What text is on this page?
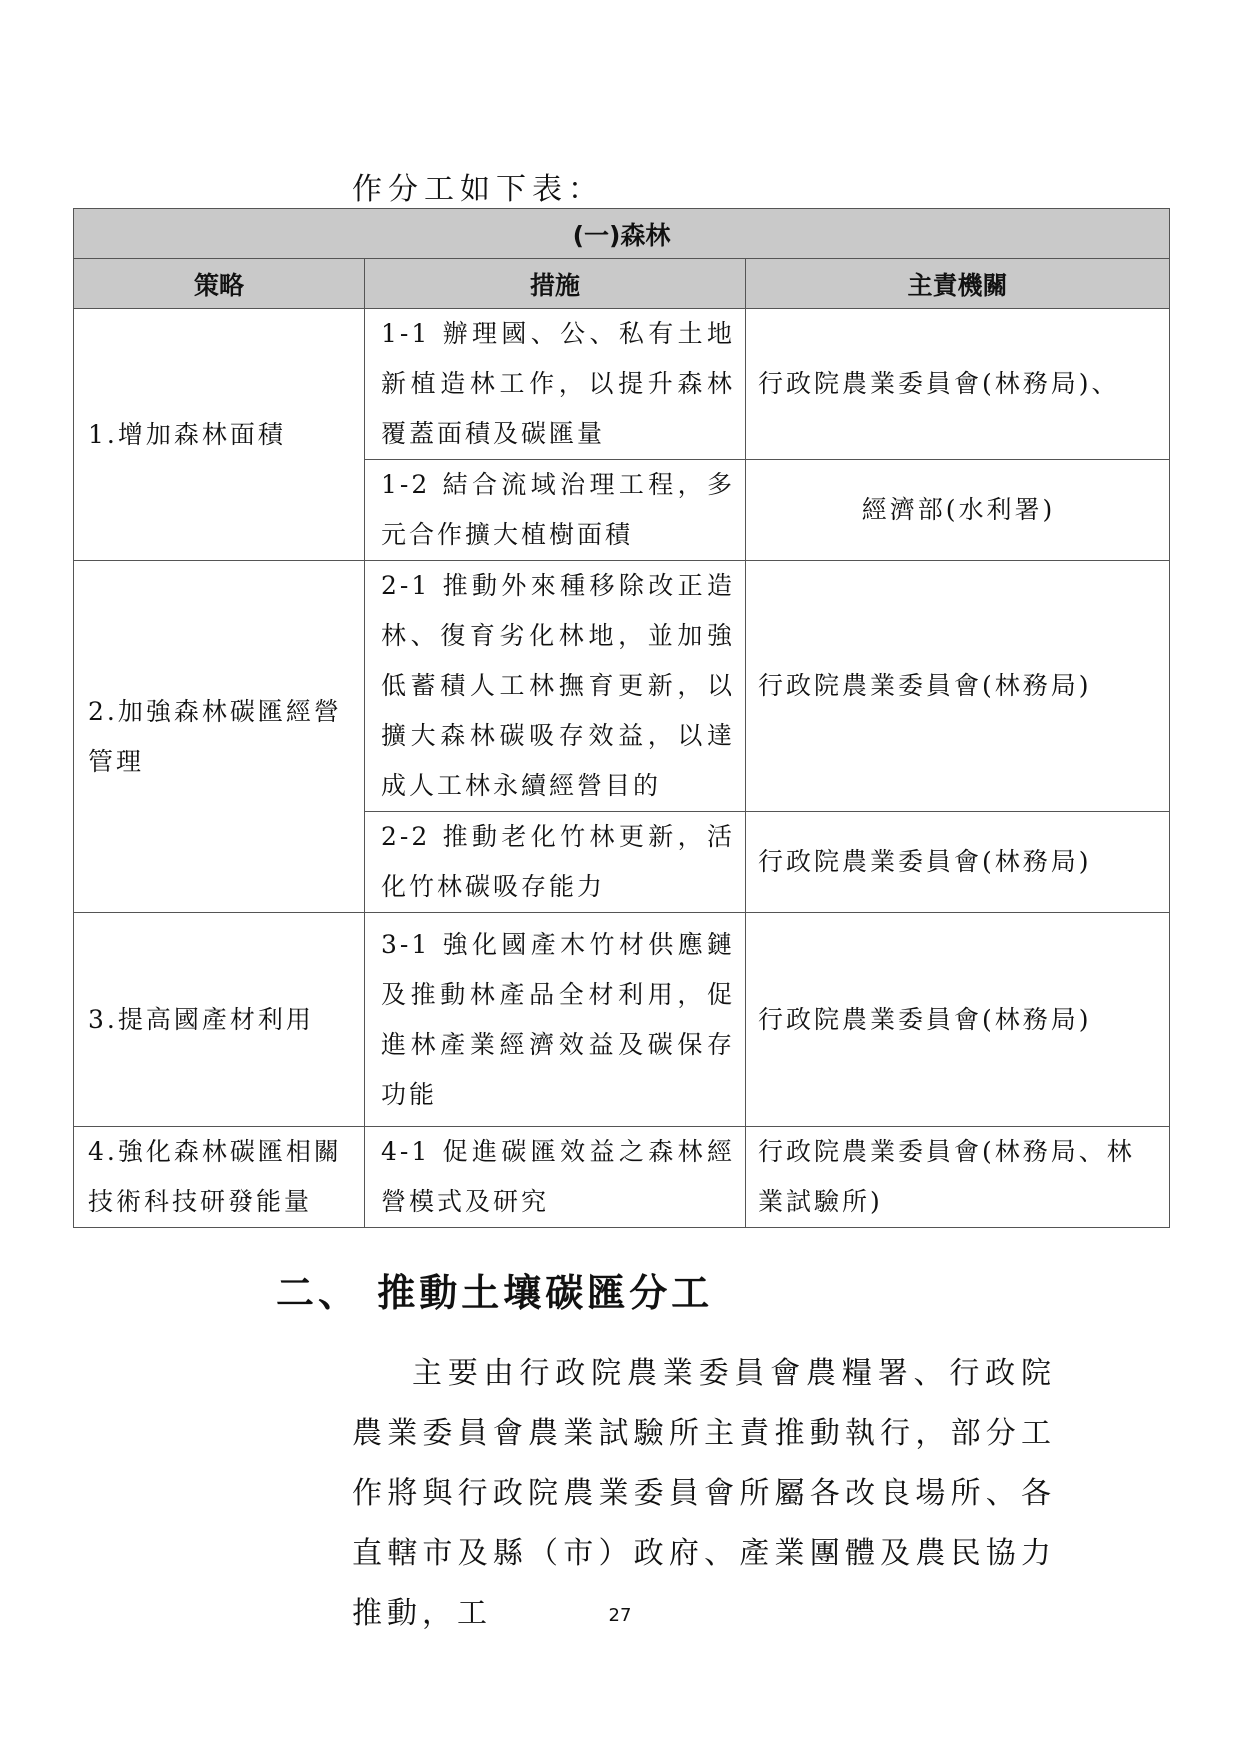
作分工如下表：
(一)森林		
策略	措施	主責機關
1.增加森林面積	1-1 辦理國、公、私有土地新植造林工作，以提升森林覆蓋面積及碳匯量	行政院農業委員會(林務局)、
	1-2 結合流域治理工程，多元合作擴大植樹面積	經濟部(水利署)
2.加強森林碳匯經營管理	2-1 推動外來種移除改正造林、復育劣化林地，並加強低蓄積人工林撫育更新，以擴大森林碳吸存效益，以達成人工林永續經營目的	行政院農業委員會(林務局)
	2-2 推動老化竹林更新，活化竹林碳吸存能力	行政院農業委員會(林務局)
3.提高國產材利用	3-1 強化國產木竹材供應鏈及推動林產品全材利用，促進林產業經濟效益及碳保存功能	行政院農業委員會(林務局)
4.強化森林碳匯相關技術科技研發能量	4-1 促進碳匯效益之森林經營模式及研究	行政院農業委員會(林務局、林業試驗所)
二、 推動土壤碳匯分工

主要由行政院農業委員會農糧署、行政院農業委員會農業試驗所主責推動執行，部分工作將與行政院農業委員會所屬各改良場所、各直轄市及縣（市）政府、產業團體及農民協力推動，工	27
